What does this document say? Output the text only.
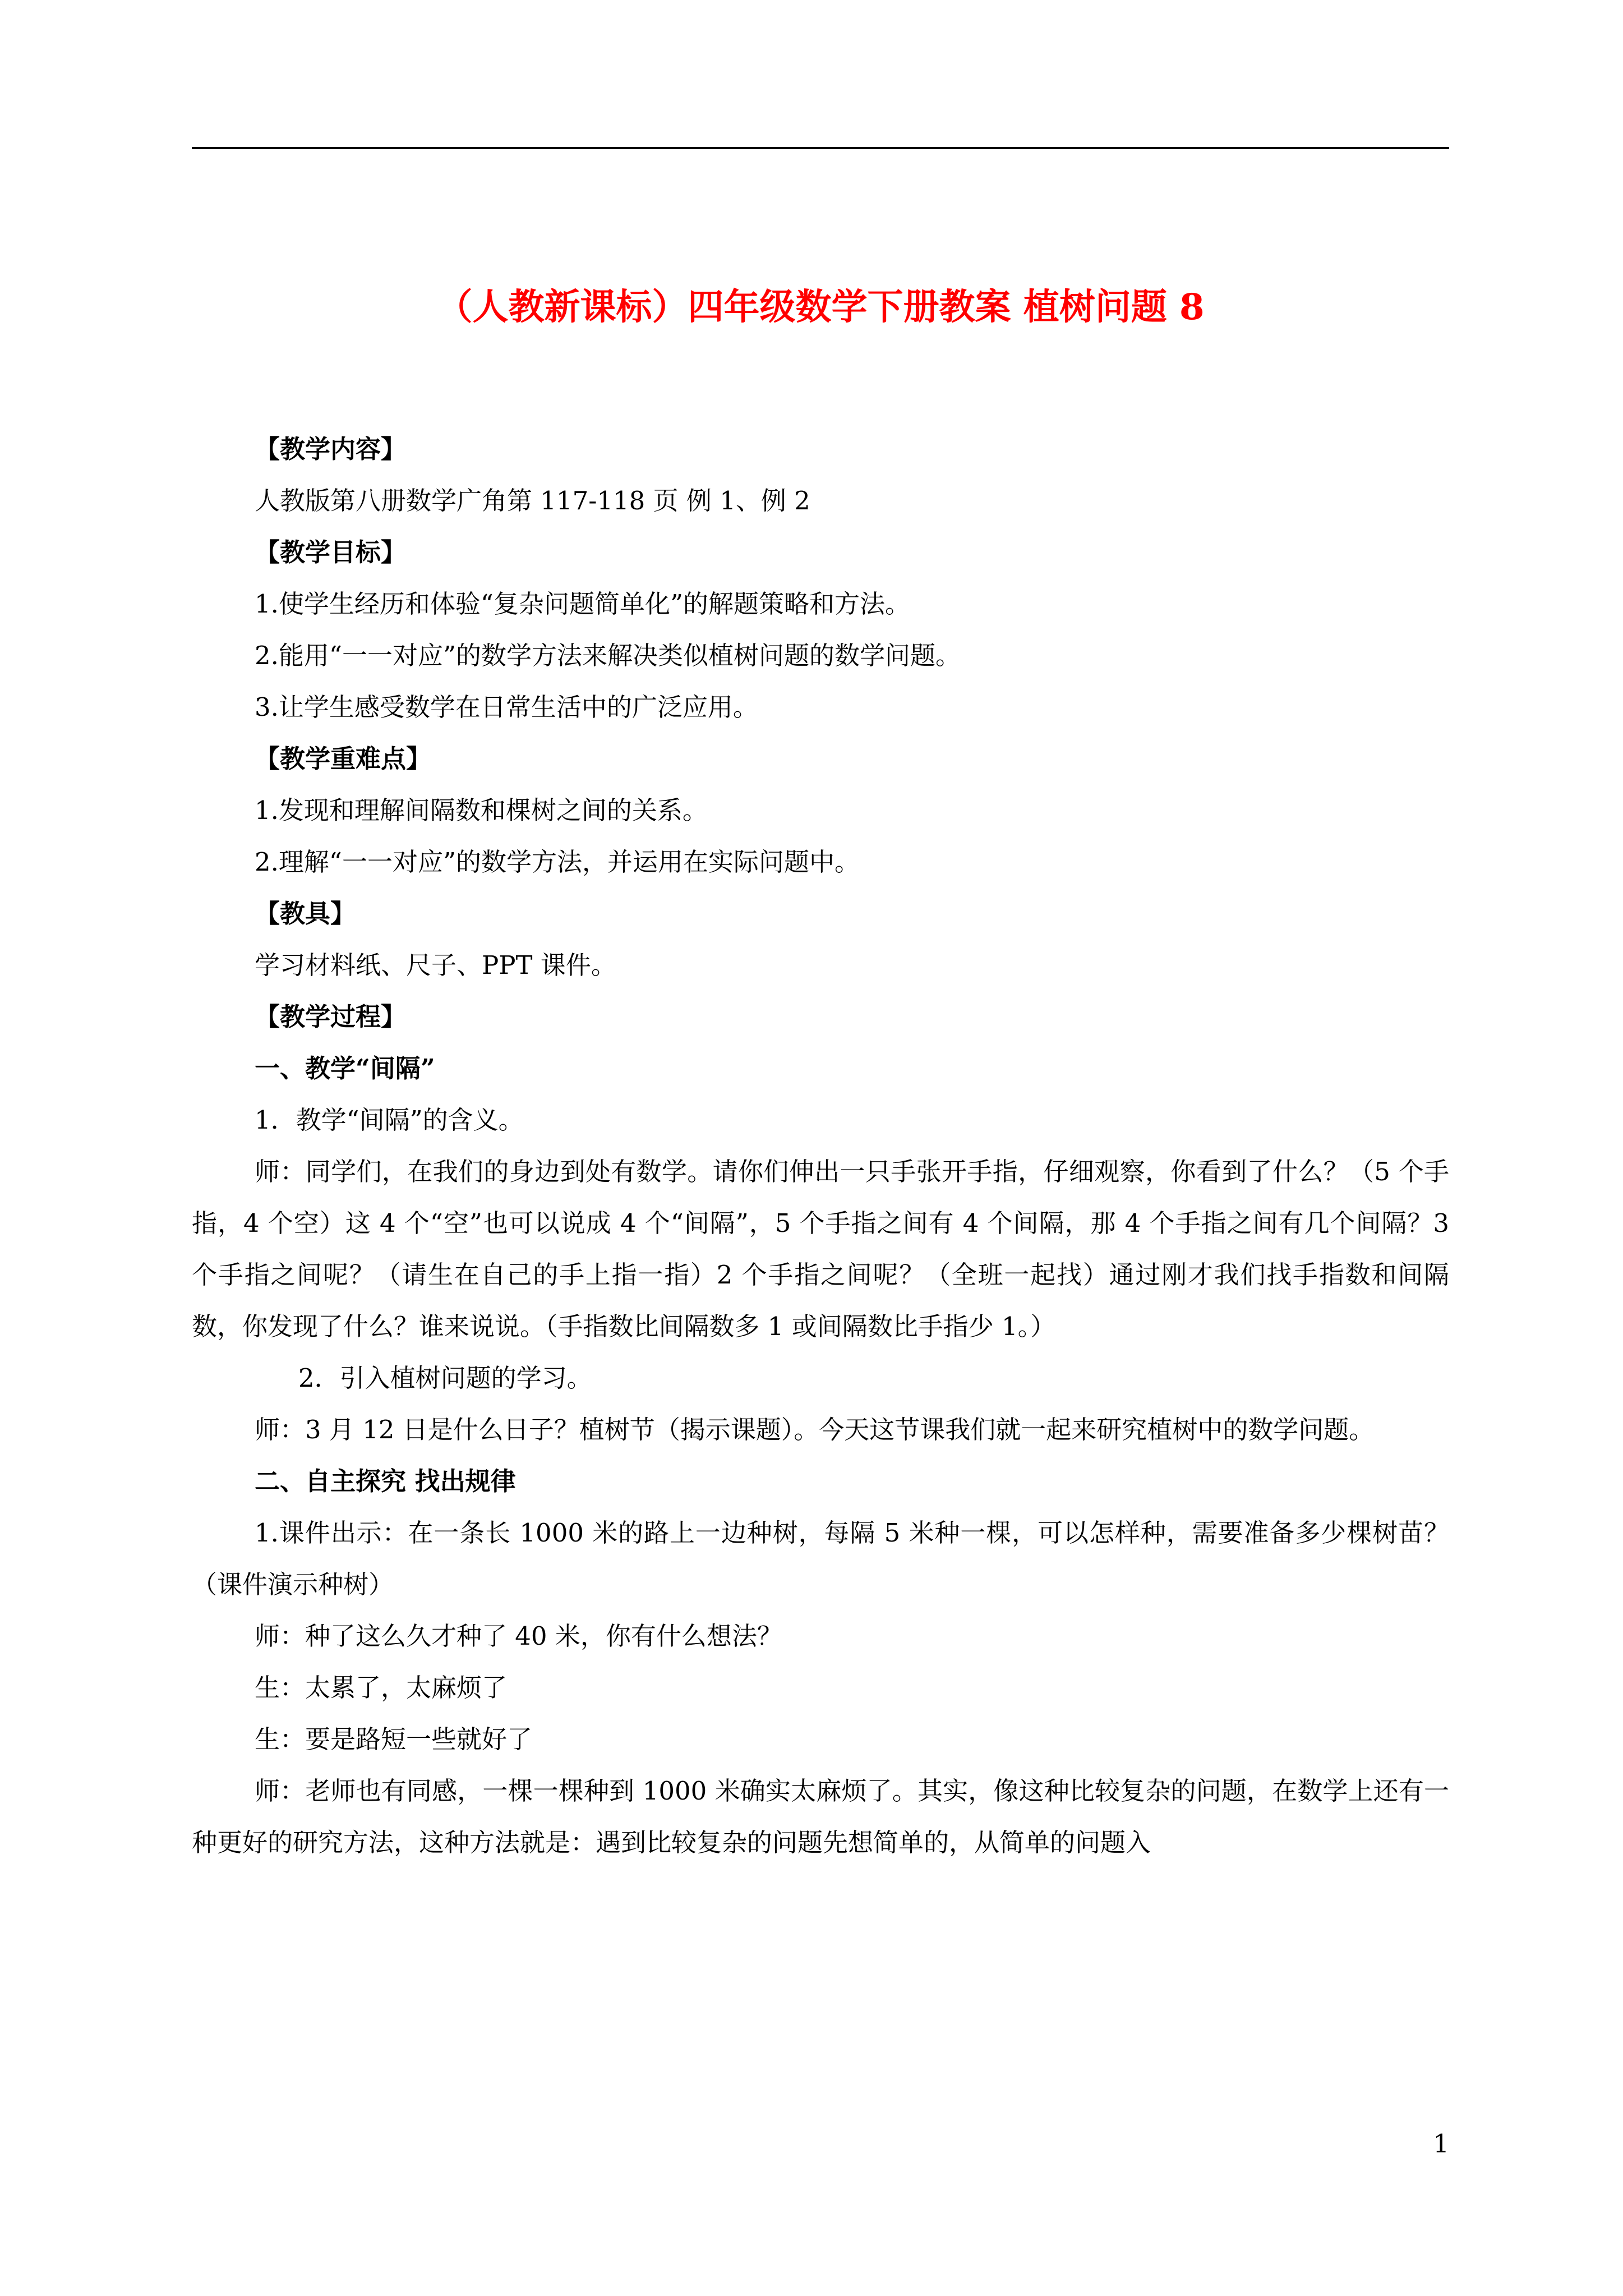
（人教新课标）四年级数学下册教案 植树问题 8

【教学内容】

人教版第八册数学广角第 117-118 页 例 1、例 2

【教学目标】

1.使学生经历和体验“复杂问题简单化”的解题策略和方法。

2.能用“一一对应”的数学方法来解决类似植树问题的数学问题。

3.让学生感受数学在日常生活中的广泛应用。

【教学重难点】

1.发现和理解间隔数和棵树之间的关系。

2.理解“一一对应”的数学方法，并运用在实际问题中。

【教具】

学习材料纸、尺子、PPT 课件。

【教学过程】

一、教学“间隔”

1．教学“间隔”的含义。

师：同学们，在我们的身边到处有数学。请你们伸出一只手张开手指，仔细观察，你看到了什么？（5 个手指，4 个空）这 4 个“空”也可以说成 4 个“间隔”，5 个手指之间有 4 个间隔，那 4 个手指之间有几个间隔？3 个手指之间呢？（请生在自己的手上指一指）2 个手指之间呢？（全班一起找）通过刚才我们找手指数和间隔数，你发现了什么？谁来说说。（手指数比间隔数多 1 或间隔数比手指少 1。）

2．引入植树问题的学习。

师：3 月 12 日是什么日子？植树节（揭示课题）。今天这节课我们就一起来研究植树中的数学问题。

二、自主探究 找出规律

1.课件出示：在一条长 1000 米的路上一边种树，每隔 5 米种一棵，可以怎样种，需要准备多少棵树苗？（课件演示种树）

师：种了这么久才种了 40 米，你有什么想法？

生：太累了，太麻烦了

生：要是路短一些就好了

师：老师也有同感，一棵一棵种到 1000 米确实太麻烦了。其实，像这种比较复杂的问题，在数学上还有一种更好的研究方法，这种方法就是：遇到比较复杂的问题先想简单的，从简单的问题入

1
